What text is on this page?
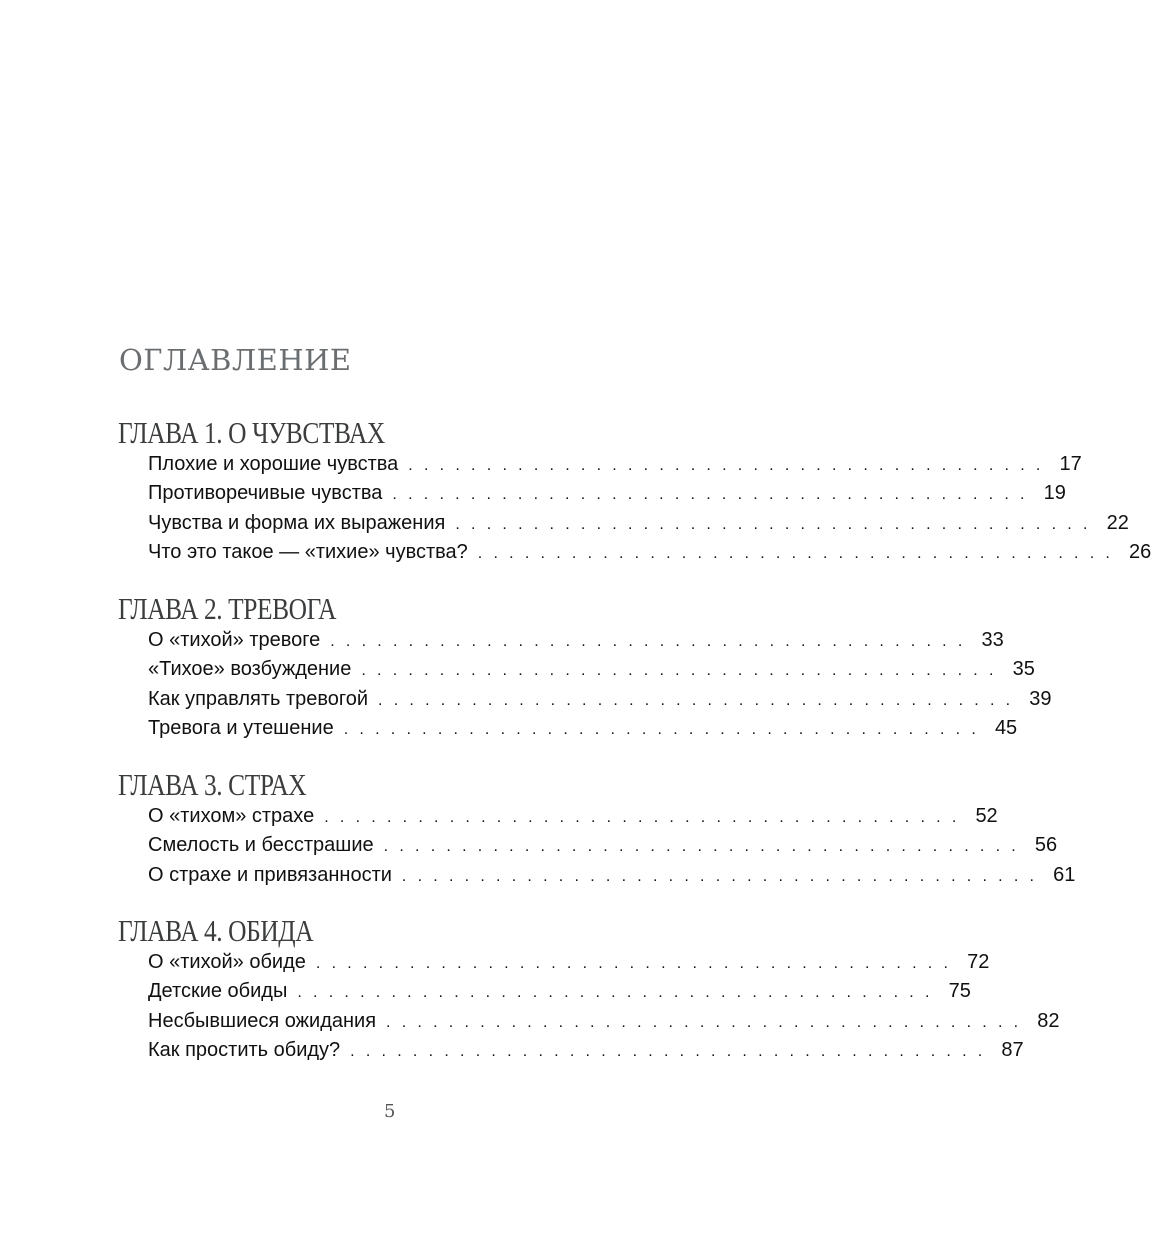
ОГЛАВЛЕНИЕ
ГЛАВА 1. О ЧУВСТВАХ
Плохие и хорошие чувства . . . . . . . . . . . . . . . . . . . . . . . . . . . . . . . . . . . . . . . . . 17
Противоречивые чувства . . . . . . . . . . . . . . . . . . . . . . . . . . . . . . . . . . . . . . . . . 19
Чувства и форма их выражения . . . . . . . . . . . . . . . . . . . . . . . . . . . . . . . . . . . . . . . . . 22
Что это такое — «тихие» чувства? . . . . . . . . . . . . . . . . . . . . . . . . . . . . . . . . . . . . . . . . . 26
ГЛАВА 2. ТРЕВОГА
О «тихой» тревоге . . . . . . . . . . . . . . . . . . . . . . . . . . . . . . . . . . . . . . . . . 33
«Тихое» возбуждение . . . . . . . . . . . . . . . . . . . . . . . . . . . . . . . . . . . . . . . . . 35
Как управлять тревогой . . . . . . . . . . . . . . . . . . . . . . . . . . . . . . . . . . . . . . . . . 39
Тревога и утешение . . . . . . . . . . . . . . . . . . . . . . . . . . . . . . . . . . . . . . . . . 45
ГЛАВА 3. СТРАХ
О «тихом» страхе . . . . . . . . . . . . . . . . . . . . . . . . . . . . . . . . . . . . . . . . . 52
Смелость и бесстрашие . . . . . . . . . . . . . . . . . . . . . . . . . . . . . . . . . . . . . . . . . 56
О страхе и привязанности . . . . . . . . . . . . . . . . . . . . . . . . . . . . . . . . . . . . . . . . . 61
ГЛАВА 4. ОБИДА
О «тихой» обиде . . . . . . . . . . . . . . . . . . . . . . . . . . . . . . . . . . . . . . . . . 72
Детские обиды . . . . . . . . . . . . . . . . . . . . . . . . . . . . . . . . . . . . . . . . . 75
Несбывшиеся ожидания . . . . . . . . . . . . . . . . . . . . . . . . . . . . . . . . . . . . . . . . . 82
Как простить обиду? . . . . . . . . . . . . . . . . . . . . . . . . . . . . . . . . . . . . . . . . . 87
5
